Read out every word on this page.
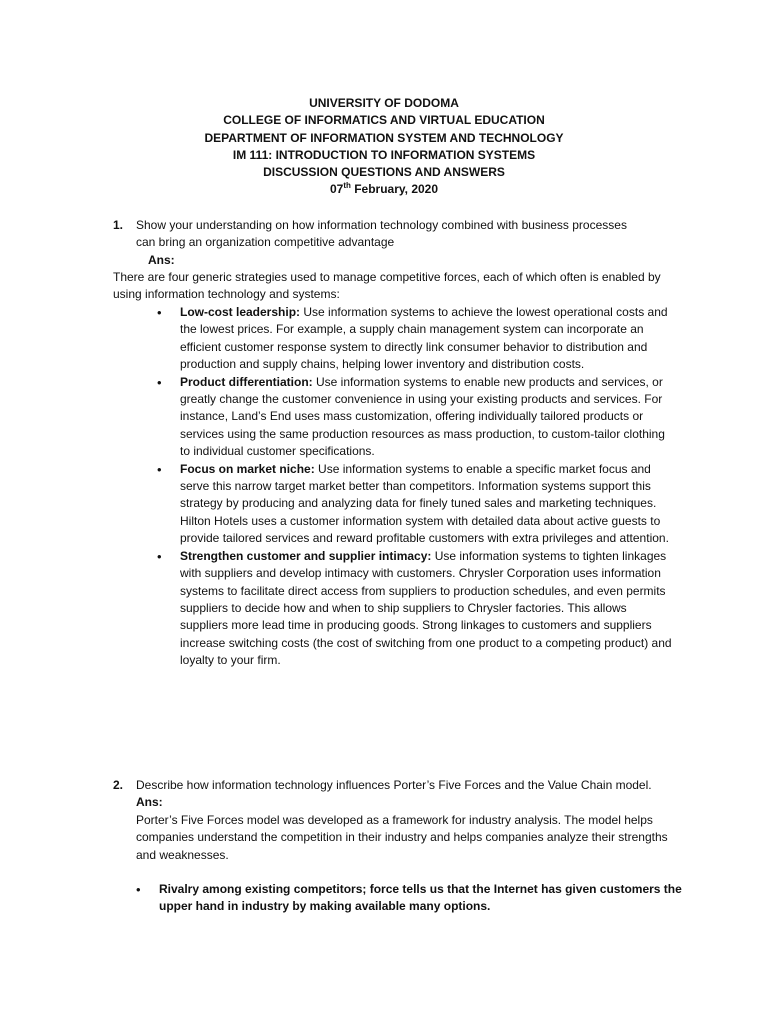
UNIVERSITY OF DODOMA
COLLEGE OF INFORMATICS AND VIRTUAL EDUCATION
DEPARTMENT OF INFORMATION SYSTEM AND TECHNOLOGY
IM 111: INTRODUCTION TO INFORMATION SYSTEMS
DISCUSSION QUESTIONS AND ANSWERS
07th February, 2020
1. Show your understanding on how information technology combined with business processes
can bring an organization competitive advantage
Ans:
There are four generic strategies used to manage competitive forces, each of which often is enabled by using information technology and systems:
• Low-cost leadership: Use information systems to achieve the lowest operational costs and the lowest prices. For example, a supply chain management system can incorporate an efficient customer response system to directly link consumer behavior to distribution and production and supply chains, helping lower inventory and distribution costs.
• Product differentiation: Use information systems to enable new products and services, or greatly change the customer convenience in using your existing products and services. For instance, Land’s End uses mass customization, offering individually tailored products or services using the same production resources as mass production, to custom-tailor clothing to individual customer specifications.
• Focus on market niche: Use information systems to enable a specific market focus and serve this narrow target market better than competitors. Information systems support this strategy by producing and analyzing data for finely tuned sales and marketing techniques. Hilton Hotels uses a customer information system with detailed data about active guests to provide tailored services and reward profitable customers with extra privileges and attention.
• Strengthen customer and supplier intimacy: Use information systems to tighten linkages with suppliers and develop intimacy with customers. Chrysler Corporation uses information systems to facilitate direct access from suppliers to production schedules, and even permits suppliers to decide how and when to ship suppliers to Chrysler factories. This allows suppliers more lead time in producing goods. Strong linkages to customers and suppliers increase switching costs (the cost of switching from one product to a competing product) and loyalty to your firm.
2. Describe how information technology influences Porter’s Five Forces and the Value Chain model.
Ans:
Porter’s Five Forces model was developed as a framework for industry analysis. The model helps companies understand the competition in their industry and helps companies analyze their strengths and weaknesses.
• Rivalry among existing competitors; force tells us that the Internet has given customers the upper hand in industry by making available many options.
